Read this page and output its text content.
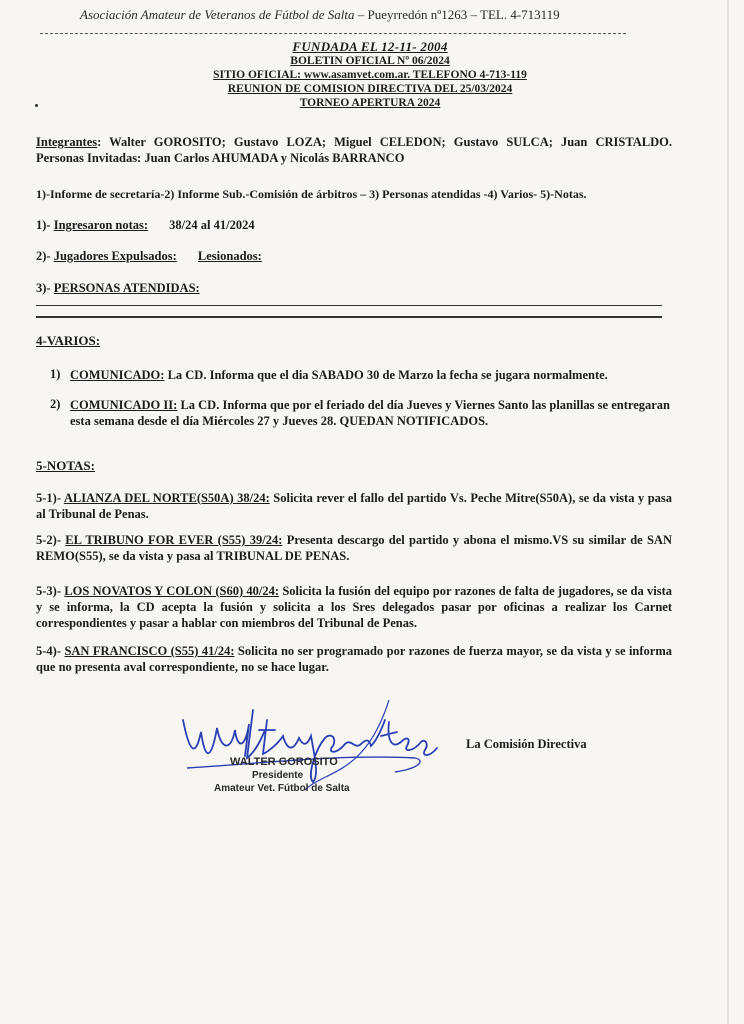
Asociación Amateur de Veteranos de Fútbol de Salta – Pueyrredón nº1263 – TEL. 4-713119
FUNDADA EL 12-11- 2004
BOLETIN OFICIAL Nº 06/2024
SITIO OFICIAL: www.asamvet.com.ar. TELEFONO 4-713-119
REUNION DE COMISION DIRECTIVA DEL 25/03/2024
TORNEO APERTURA 2024
Integrantes: Walter GOROSITO; Gustavo LOZA; Miguel CELEDON; Gustavo SULCA; Juan CRISTALDO. Personas Invitadas: Juan Carlos AHUMADA y Nicolás BARRANCO
1)-Informe de secretaría-2) Informe Sub.-Comisión de árbitros – 3) Personas atendidas -4) Varios- 5)-Notas.
1)- Ingresaron notas: 38/24 al 41/2024
2)- Jugadores Expulsados: Lesionados:
3)- PERSONAS ATENDIDAS:
4-VARIOS:
1) COMUNICADO: La CD. Informa que el dia SABADO 30 de Marzo la fecha se jugara normalmente.
2) COMUNICADO II: La CD. Informa que por el feriado del día Jueves y Viernes Santo las planillas se entregaran esta semana desde el día Miércoles 27 y Jueves 28. QUEDAN NOTIFICADOS.
5-NOTAS:
5-1)- ALIANZA DEL NORTE(S50A) 38/24: Solicita rever el fallo del partido Vs. Peche Mitre(S50A), se da vista y pasa al Tribunal de Penas.
5-2)- EL TRIBUNO FOR EVER (S55) 39/24: Presenta descargo del partido y abona el mismo.VS su similar de SAN REMO(S55), se da vista y pasa al TRIBUNAL DE PENAS.
5-3)- LOS NOVATOS Y COLON (S60) 40/24: Solicita la fusión del equipo por razones de falta de jugadores, se da vista y se informa, la CD acepta la fusión y solicita a los Sres delegados pasar por oficinas a realizar los Carnet correspondientes y pasar a hablar con miembros del Tribunal de Penas.
5-4)- SAN FRANCISCO (S55) 41/24: Solicita no ser programado por razones de fuerza mayor, se da vista y se informa que no presenta aval correspondiente, no se hace lugar.
WALTER GOROSITO
Presidente
Amateur Vet. Fútbol de Salta
La Comisión Directiva
